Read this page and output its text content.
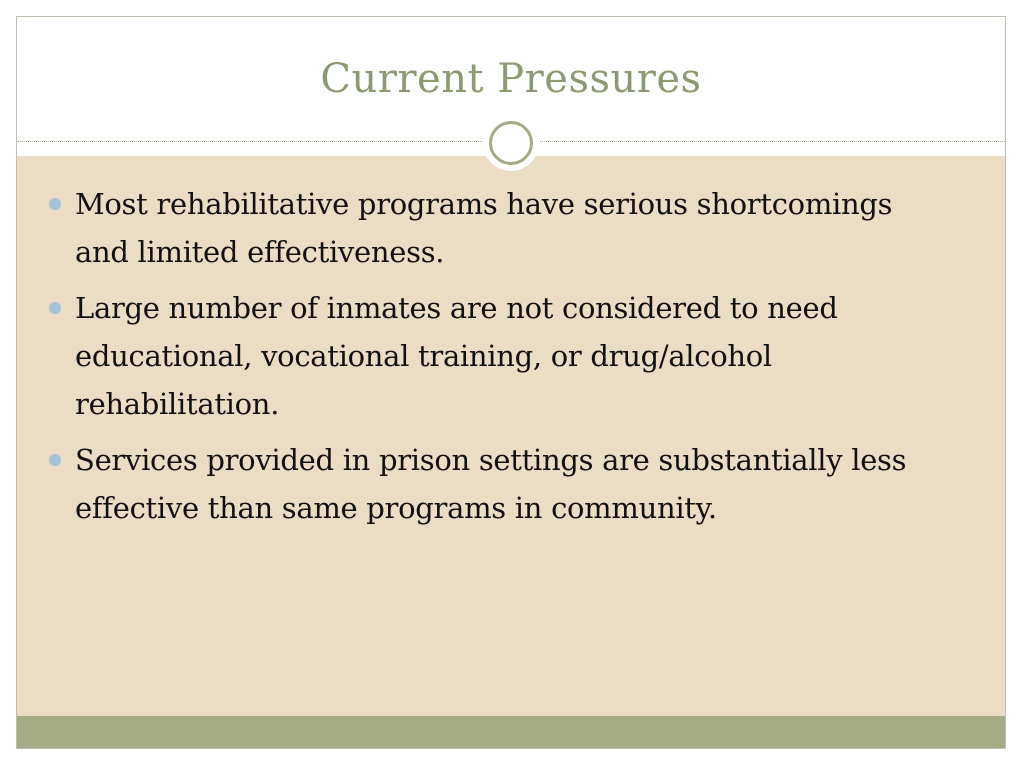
Current Pressures
Most rehabilitative programs have serious shortcomings and limited effectiveness.
Large number of inmates are not considered to need educational, vocational training, or drug/alcohol rehabilitation.
Services provided in prison settings are substantially less effective than same programs in community.
